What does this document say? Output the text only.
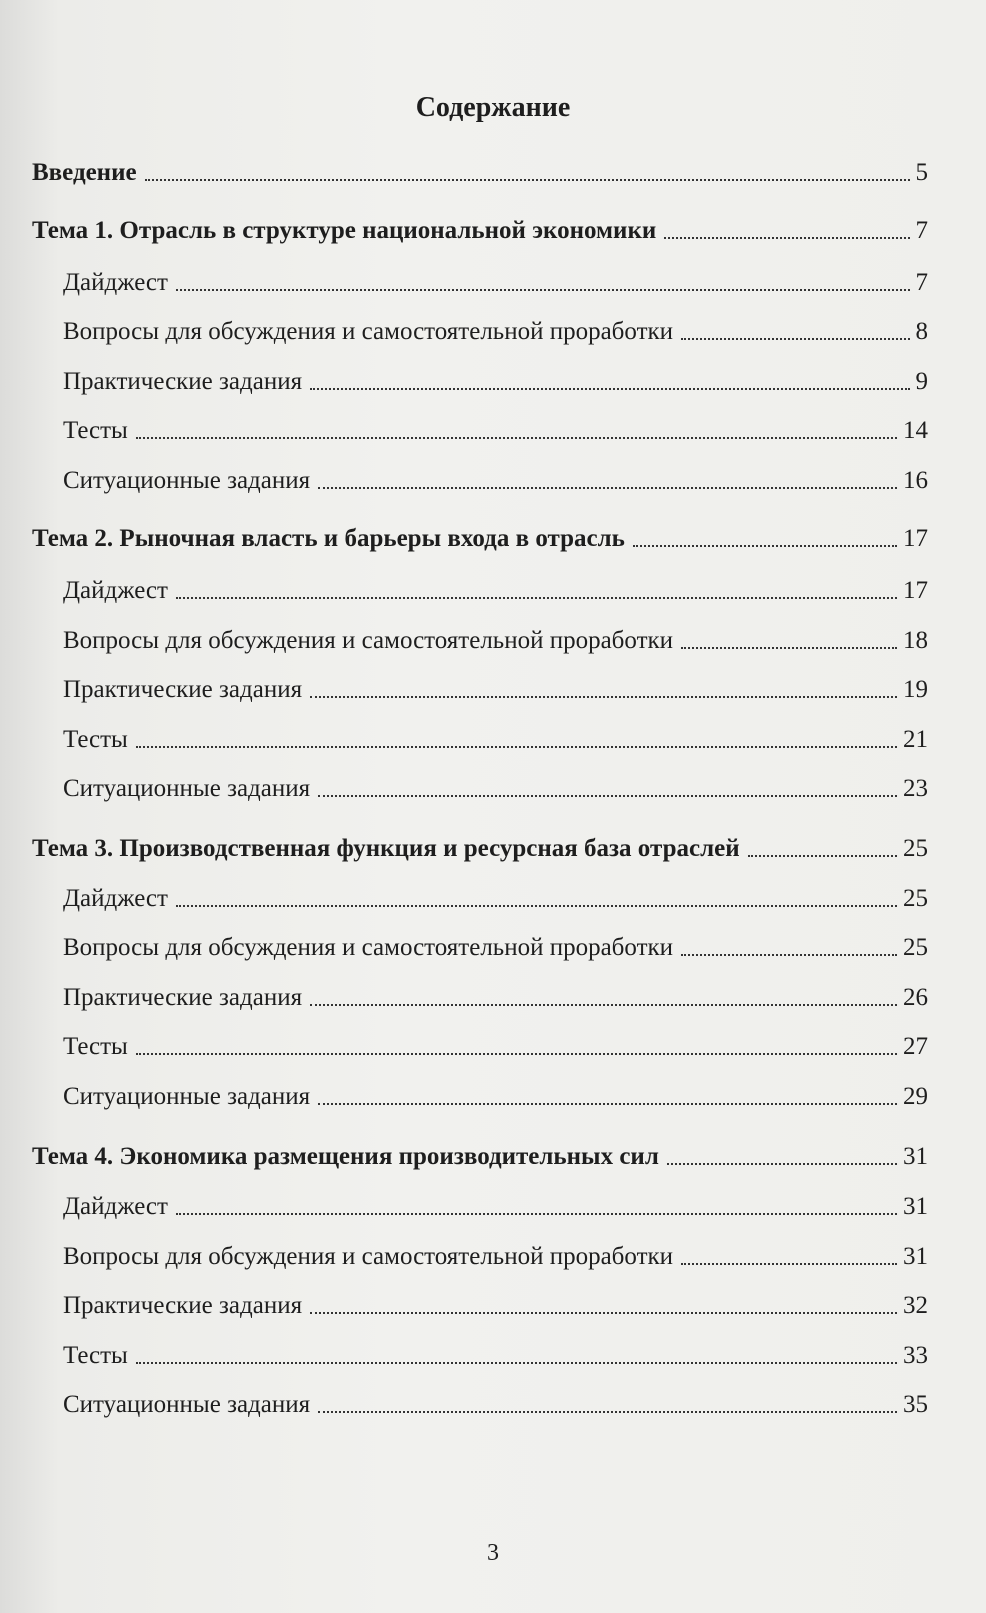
Содержание
Введение	5
Тема 1. Отрасль в структуре национальной экономики	7
Дайджест	7
Вопросы для обсуждения и самостоятельной проработки	8
Практические задания	9
Тесты	14
Ситуационные задания	16
Тема 2. Рыночная власть и барьеры входа в отрасль	17
Дайджест	17
Вопросы для обсуждения и самостоятельной проработки	18
Практические задания	19
Тесты	21
Ситуационные задания	23
Тема 3. Производственная функция и ресурсная база отраслей	25
Дайджест	25
Вопросы для обсуждения и самостоятельной проработки	25
Практические задания	26
Тесты	27
Ситуационные задания	29
Тема 4. Экономика размещения производительных сил	31
Дайджест	31
Вопросы для обсуждения и самостоятельной проработки	31
Практические задания	32
Тесты	33
Ситуационные задания	35
3
